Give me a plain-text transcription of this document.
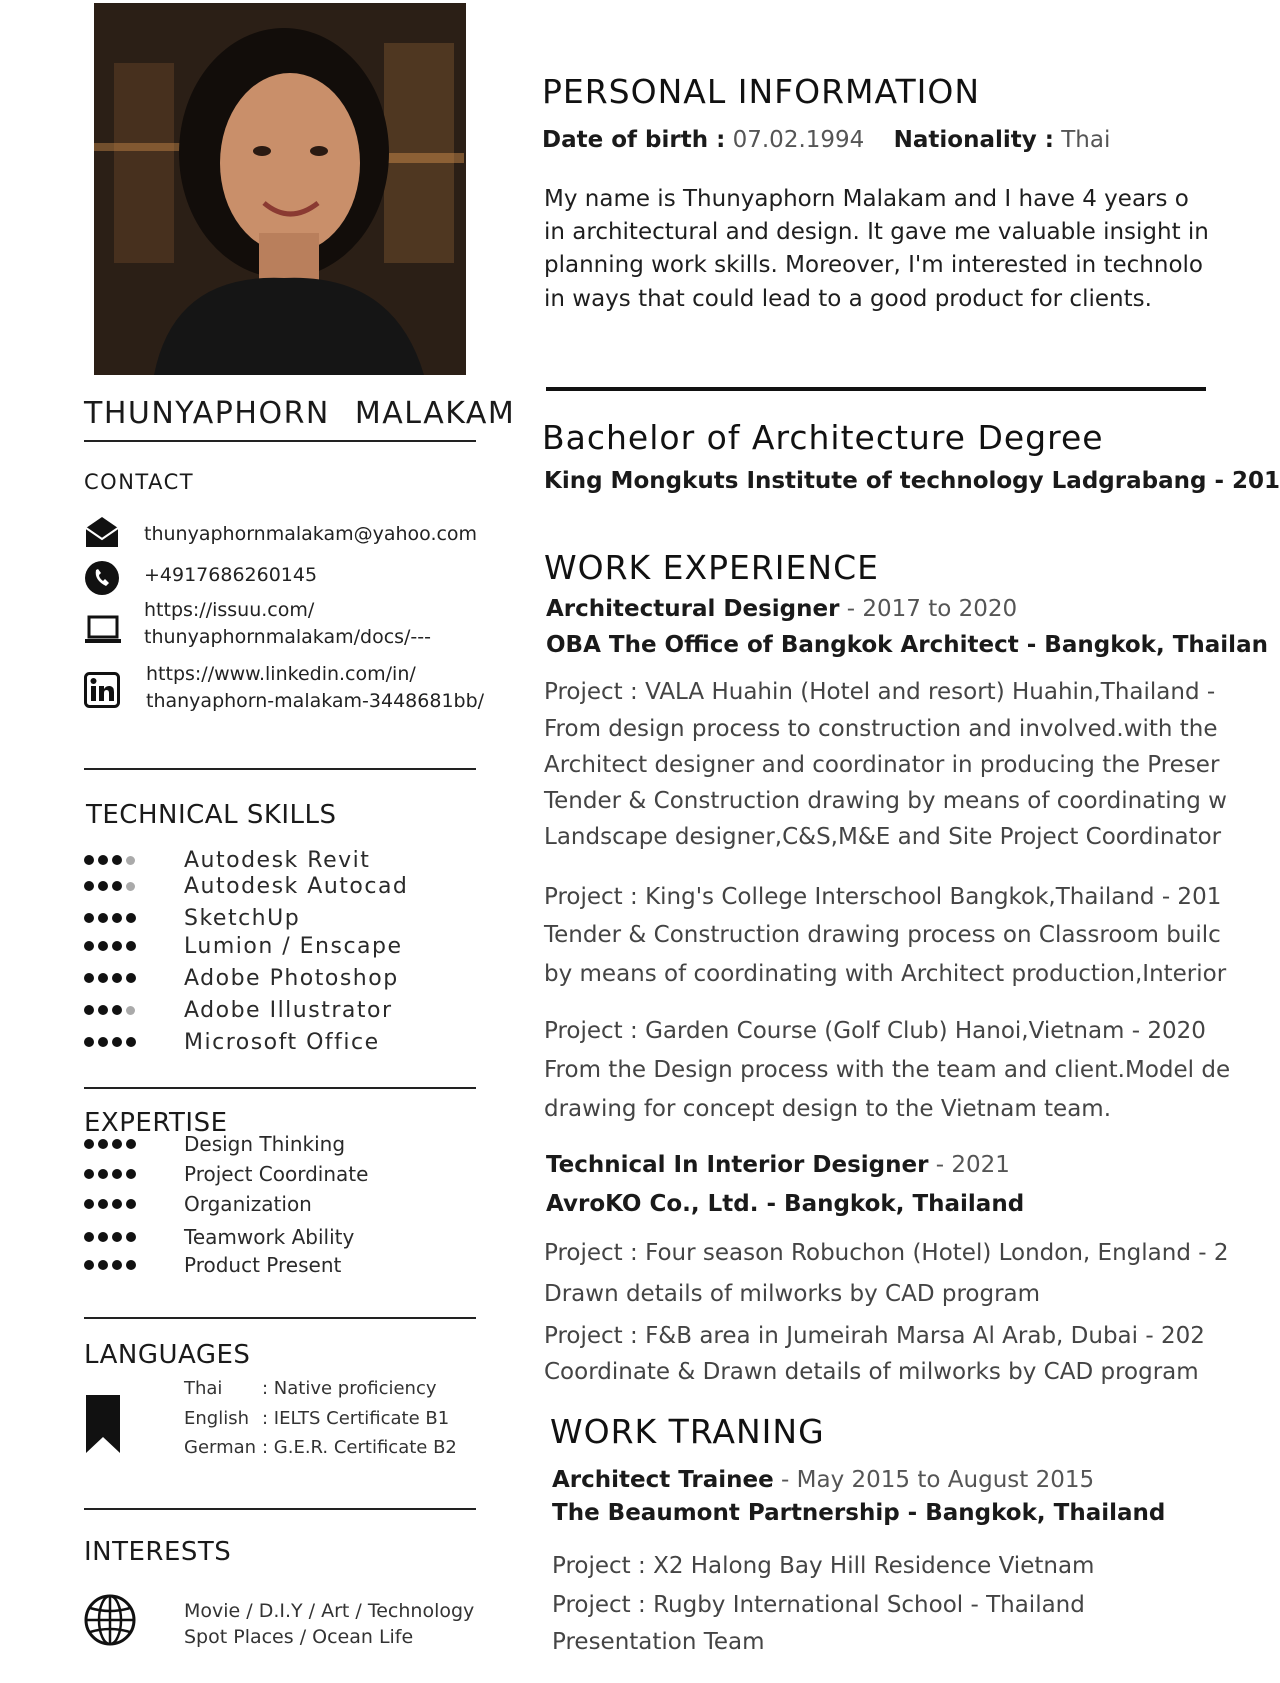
THUNYAPHORN MALAKAM
CONTACT
thunyaphornmalakam@yahoo.com
+4917686260145
https://issuu.com/
thunyaphornmalakam/docs/---
https://www.linkedin.com/in/
thanyaphorn-malakam-3448681bb/
TECHNICAL SKILLS
Autodesk Revit
Autodesk Autocad
SketchUp
Lumion / Enscape
Adobe Photoshop
Adobe Illustrator
Microsoft Office
EXPERTISE
Design Thinking
Project Coordinate
Organization
Teamwork Ability
Product Present
LANGUAGES
Thai : Native proficiency
English : IELTS Certificate B1
German : G.E.R. Certificate B2
INTERESTS
Movie / D.I.Y / Art / Technology
Spot Places / Ocean Life
PERSONAL INFORMATION
Date of birth : 07.02.1994 Nationality : Thai
My name is Thunyaphorn Malakam and I have 4 years o
in architectural and design. It gave me valuable insight in
planning work skills. Moreover, I'm interested in technolo
in ways that could lead to a good product for clients.
Bachelor of Architecture Degree
King Mongkuts Institute of technology Ladgrabang - 201
WORK EXPERIENCE
Architectural Designer - 2017 to 2020
OBA The Office of Bangkok Architect - Bangkok, Thailan
Project : VALA Huahin (Hotel and resort) Huahin,Thailand -
From design process to construction and involved.with the
Architect designer and coordinator in producing the Preser
Tender & Construction drawing by means of coordinating w
Landscape designer,C&S,M&E and Site Project Coordinator
Project : King's College Interschool Bangkok,Thailand - 201
Tender & Construction drawing process on Classroom builc
by means of coordinating with Architect production,Interior
Project : Garden Course (Golf Club) Hanoi,Vietnam - 2020
From the Design process with the team and client.Model de
drawing for concept design to the Vietnam team.
Technical In Interior Designer - 2021
AvroKO Co., Ltd. - Bangkok, Thailand
Project : Four season Robuchon (Hotel) London, England - 2
Drawn details of milworks by CAD program
Project : F&B area in Jumeirah Marsa Al Arab, Dubai - 202
Coordinate & Drawn details of milworks by CAD program
WORK TRANING
Architect Trainee - May 2015 to August 2015
The Beaumont Partnership - Bangkok, Thailand
Project : X2 Halong Bay Hill Residence Vietnam
Project : Rugby International School - Thailand
Presentation Team
